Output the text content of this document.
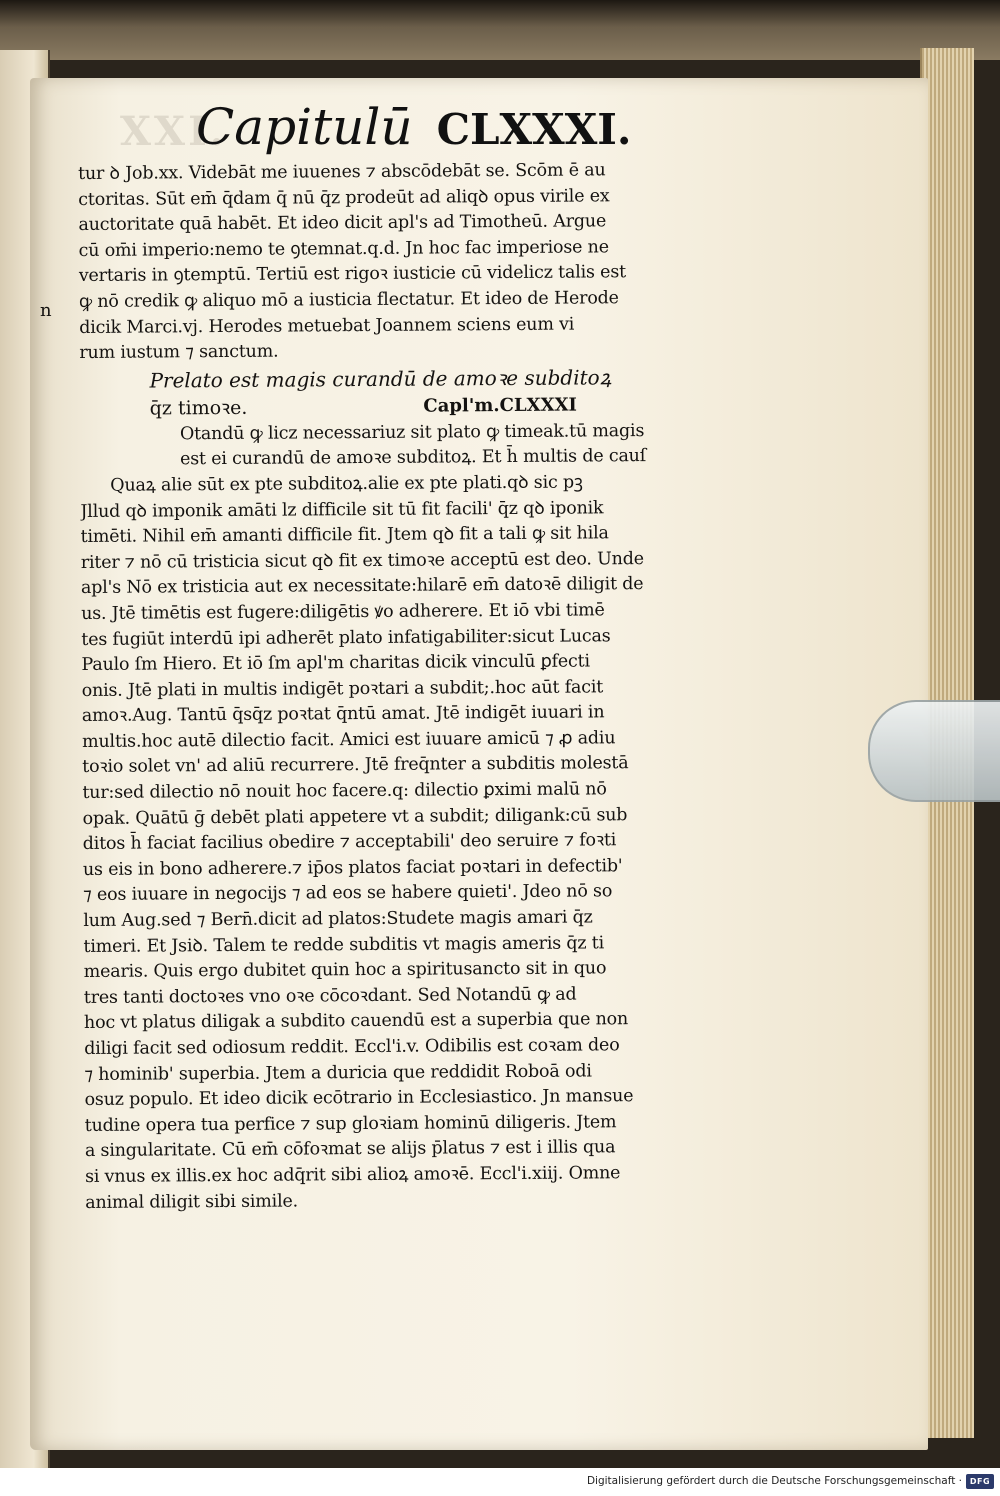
XXI.
Capitulū CLXXXI.
tur ꝺ Job.xx. Videbāt me iuuenes ⁊ abscōdebāt se. Scōm ē au
ctoritas. Sūt em̄ q̄dam q̄ nū q̄z prodeūt ad aliqꝺ opus virile ex
auctoritate quā habēt. Et ideo dicit apl's ad Timotheū. Argue
cū om̄i imperio:nemo te ꝯtemnat.q.d. Jn hoc fac imperiose ne
vertaris in ꝯtemptū. Tertiū est rigoꝛ iusticie cū videlicz talis est
ꝙ nō credik ꝙ aliquo mō a iusticia flectatur. Et ideo de Herode
dicik Marci.vj. Herodes metuebat Joannem sciens eum vi
rum iustum ⁊ sanctum.
Prelato est magis curandū de amoꝛe subditoꝝ
q̄z timoꝛe.	Capl'm.CLXXXI
Otandū ꝙ licz necessariuz sit plato ꝙ timeak.tū magis
est ei curandū de amoꝛe subditoꝝ. Et h̄ multis de cauſ
Quaꝝ alie sūt ex pte subditoꝝ.alie ex pte plati.qꝺ sic pꝫ
Jllud qꝺ imponik amāti lz difficile sit tū fit facili' q̄z qꝺ iponik
timēti. Nihil em̄ amanti difficile fit. Jtem qꝺ fit a tali ꝙ sit hila
riter ⁊ nō cū tristicia sicut qꝺ fit ex timoꝛe acceptū est deo. Unde
apl's Nō ex tristicia aut ex necessitate:hilarē em̄ datoꝛē diligit de
us. Jtē timētis est fugere:diligētis ꝟo adherere. Et iō vbi timē
tes fugiūt interdū ipi adherēt plato infatigabiliter:sicut Lucas
Paulo ſm Hiero. Et iō ſm apl'm charitas dicik vinculū ꝑfecti
onis. Jtē plati in multis indigēt poꝛtari a subdit;.hoc aūt facit
amoꝛ.Aug. Tantū q̄sq̄z poꝛtat q̄ntū amat. Jtē indigēt iuuari in
multis.hoc autē dilectio facit. Amici est iuuare amicū ⁊ ꝓ adiu
toꝛio solet vn' ad aliū recurrere. Jtē freq̄nter a subditis molestā
tur:sed dilectio nō nouit hoc facere.q: dilectio ꝑximi malū nō
opak. Quātū ḡ debēt plati appetere vt a subdit; diligank:cū sub
ditos h̄ faciat facilius obedire ⁊ acceptabili' deo seruire ⁊ foꝛti
us eis in bono adherere.⁊ ip̄os platos faciat poꝛtari in defectib'
⁊ eos iuuare in negocijs ⁊ ad eos se habere quieti'. Jdeo nō so
lum Aug.sed ⁊ Bern̄.dicit ad platos:Studete magis amari q̄z
timeri. Et Jsiꝺ. Talem te redde subditis vt magis ameris q̄z ti
mearis. Quis ergo dubitet quin hoc a spiritusancto sit in quo
tres tanti doctoꝛes vno oꝛe cōcoꝛdant. Sed Notandū ꝙ ad
hoc vt platus diligak a subdito cauendū est a superbia que non
diligi facit sed odiosum reddit. Eccl'i.v. Odibilis est coꝛam deo
⁊ hominib' superbia. Jtem a duricia que reddidit Roboā odi
osuz populo. Et ideo dicik ecōtrario in Ecclesiastico. Jn mansue
tudine opera tua perfice ⁊ sup gloꝛiam hominū diligeris. Jtem
a singularitate. Cū em̄ cōfoꝛmat se alijs p̄latus ⁊ est i illis qua
si vnus ex illis.ex hoc adq̄rit sibi alioꝝ amoꝛē. Eccl'i.xiij. Omne
animal diligit sibi simile.
n
Digitalisierung gefördert durch die Deutsche Forschungsgemeinschaft · DFG
